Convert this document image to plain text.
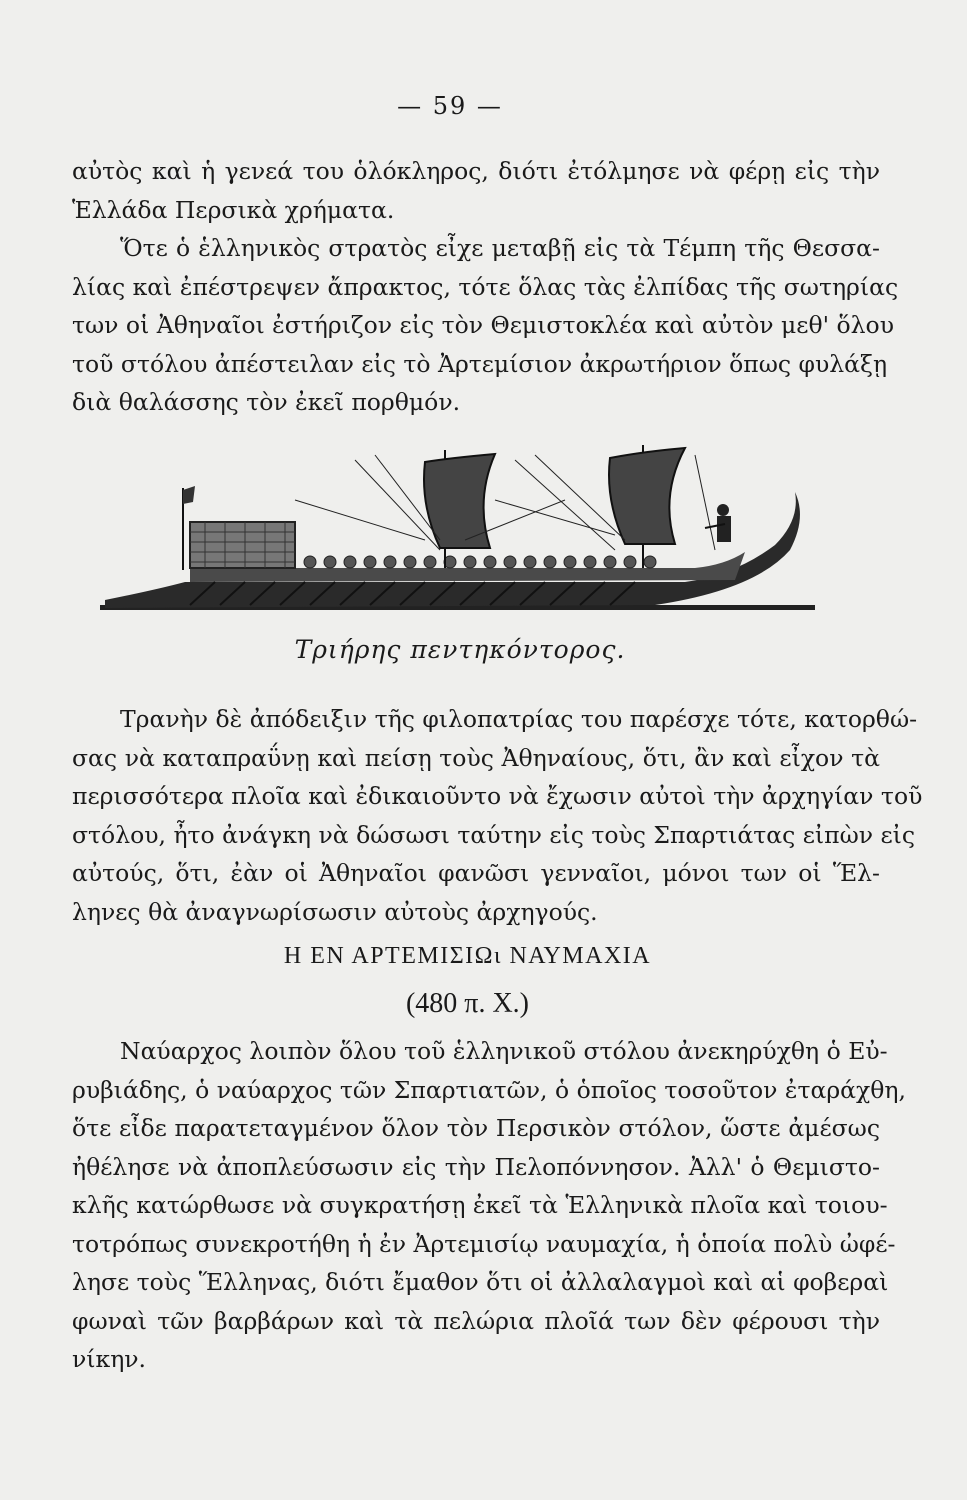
— 59 —
αὐτὸς καὶ ἡ γενεά του ὁλόκληρος, διότι ἐτόλμησε νὰ φέρῃ εἰς τὴν
Ἑλλάδα Περσικὰ χρήματα.
Ὅτε ὁ ἑλληνικὸς στρατὸς εἶχε μεταβῇ εἰς τὰ Τέμπη τῆς Θεσσα-
λίας καὶ ἐπέστρεψεν ἄπρακτος, τότε ὅλας τὰς ἐλπίδας τῆς σωτηρίας
των οἱ Ἀθηναῖοι ἐστήριζον εἰς τὸν Θεμιστοκλέα καὶ αὐτὸν μεθ' ὅλου
τοῦ στόλου ἀπέστειλαν εἰς τὸ Ἀρτεμίσιον ἀκρωτήριον ὅπως φυλάξῃ
διὰ θαλάσσης τὸν ἐκεῖ πορθμόν.
Τριήρης πεντηκόντορος.
Τρανὴν δὲ ἀπόδειξιν τῆς φιλοπατρίας του παρέσχε τότε, κατορθώ-
σας νὰ καταπραΰνῃ καὶ πείσῃ τοὺς Ἀθηναίους, ὅτι, ἂν καὶ εἶχον τὰ
περισσότερα πλοῖα καὶ ἐδικαιοῦντο νὰ ἔχωσιν αὐτοὶ τὴν ἀρχηγίαν τοῦ
στόλου, ἦτο ἀνάγκη νὰ δώσωσι ταύτην εἰς τοὺς Σπαρτιάτας εἰπὼν εἰς
αὐτούς, ὅτι, ἐὰν οἱ Ἀθηναῖοι φανῶσι γενναῖοι, μόνοι των οἱ Ἕλ-
ληνες θὰ ἀναγνωρίσωσιν αὐτοὺς ἀρχηγούς.
Η ΕΝ ΑΡΤΕΜΙΣΙΩι ΝΑΥΜΑΧΙΑ
(480 π. Χ.)
Ναύαρχος λοιπὸν ὅλου τοῦ ἑλληνικοῦ στόλου ἀνεκηρύχθη ὁ Εὐ-
ρυβιάδης, ὁ ναύαρχος τῶν Σπαρτιατῶν, ὁ ὁποῖος τοσοῦτον ἐταράχθη,
ὅτε εἶδε παρατεταγμένον ὅλον τὸν Περσικὸν στόλον, ὥστε ἀμέσως
ἠθέλησε νὰ ἀποπλεύσωσιν εἰς τὴν Πελοπόννησον. Ἀλλ' ὁ Θεμιστο-
κλῆς κατώρθωσε νὰ συγκρατήσῃ ἐκεῖ τὰ Ἑλληνικὰ πλοῖα καὶ τοιου-
τοτρόπως συνεκροτήθη ἡ ἐν Ἀρτεμισίῳ ναυμαχία, ἡ ὁποία πολὺ ὠφέ-
λησε τοὺς Ἕλληνας, διότι ἔμαθον ὅτι οἱ ἀλλαλαγμοὶ καὶ αἱ φοβεραὶ
φωναὶ τῶν βαρβάρων καὶ τὰ πελώρια πλοῖά των δὲν φέρουσι τὴν
νίκην.
